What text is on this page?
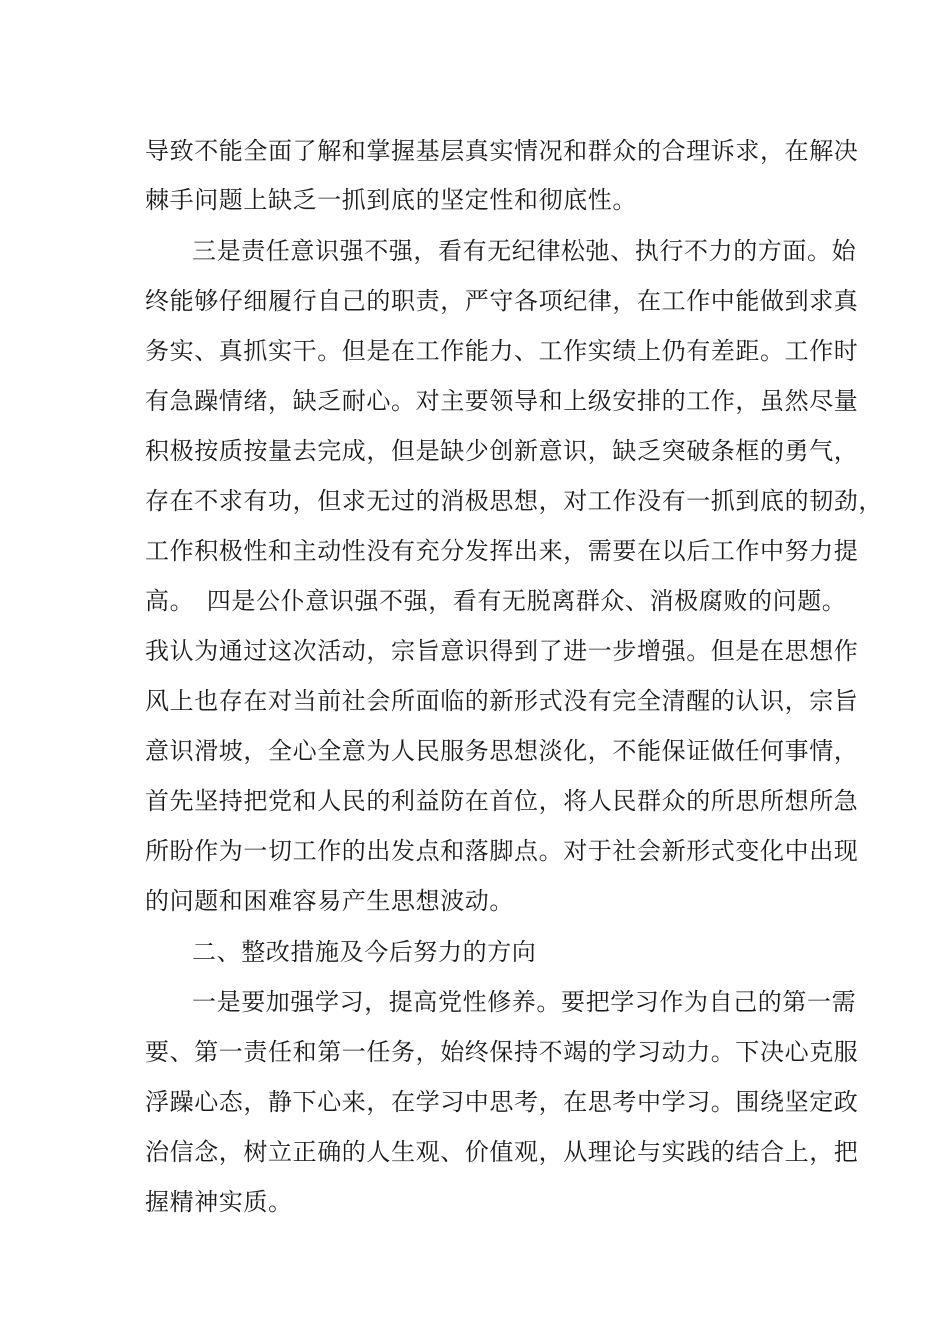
导致不能全面了解和掌握基层真实情况和群众的合理诉求，在解决
棘手问题上缺乏一抓到底的坚定性和彻底性。
三是责任意识强不强，看有无纪律松弛、执行不力的方面。始
终能够仔细履行自己的职责，严守各项纪律，在工作中能做到求真
务实、真抓实干。但是在工作能力、工作实绩上仍有差距。工作时
有急躁情绪，缺乏耐心。对主要领导和上级安排的工作，虽然尽量
积极按质按量去完成，但是缺少创新意识，缺乏突破条框的勇气，
存在不求有功，但求无过的消极思想，对工作没有一抓到底的韧劲，
工作积极性和主动性没有充分发挥出来，需要在以后工作中努力提
高。　四是公仆意识强不强，看有无脱离群众、消极腐败的问题。
我认为通过这次活动，宗旨意识得到了进一步增强。但是在思想作
风上也存在对当前社会所面临的新形式没有完全清醒的认识，宗旨
意识滑坡，全心全意为人民服务思想淡化，不能保证做任何事情，
首先坚持把党和人民的利益防在首位，将人民群众的所思所想所急
所盼作为一切工作的出发点和落脚点。对于社会新形式变化中出现
的问题和困难容易产生思想波动。
二、整改措施及今后努力的方向
一是要加强学习，提高党性修养。要把学习作为自己的第一需
要、第一责任和第一任务，始终保持不竭的学习动力。下决心克服
浮躁心态，静下心来，在学习中思考，在思考中学习。围绕坚定政
治信念，树立正确的人生观、价值观，从理论与实践的结合上，把
握精神实质。
